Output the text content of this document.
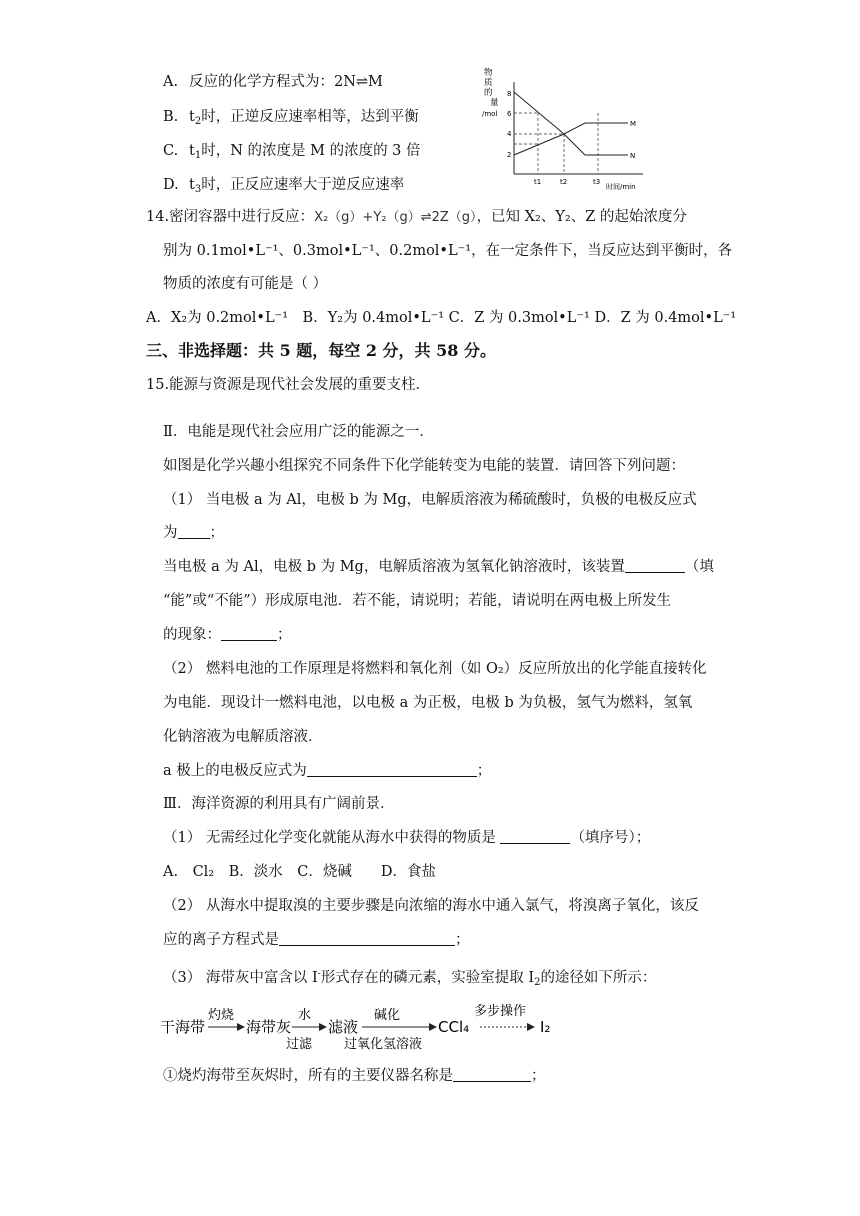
A. 反应的化学方程式为：2N⇌M
B. $t_2$时，正逆反应速率相等，达到平衡
C. $t_1$时，N 的浓度是 M 的浓度的 3 倍
D. $t_3$时，正反应速率大于逆反应速率
物
质
的
量
/mol
8
6
4
2
M
N
t1	t2	t3
时间/min
14.密闭容器中进行反应：X₂（g）+Y₂（g）⇌2Z（g），已知 X₂、Y₂、Z 的起始浓度分
别为 0.1mol•L⁻¹、0.3mol•L⁻¹、0.2mol•L⁻¹，在一定条件下，当反应达到平衡时，各
物质的浓度有可能是（ ）
A．X₂为 0.2mol•L⁻¹　B．Y₂为 0.4mol•L⁻¹ C．Z 为 0.3mol•L⁻¹ D．Z 为 0.4mol•L⁻¹
三、非选择题：共 5 题，每空 2 分，共 58 分。
15.能源与资源是现代社会发展的重要支柱．
Ⅱ．电能是现代社会应用广泛的能源之一．
如图是化学兴趣小组探究不同条件下化学能转变为电能的装置．请回答下列问题：
（1） 当电极 a 为 Al，电极 b 为 Mg，电解质溶液为稀硫酸时，负极的电极反应式
为 ；
当电极 a 为 Al，电极 b 为 Mg，电解质溶液为氢氧化钠溶液时，该装置	（填
“能”或“不能”）形成原电池．若不能，请说明；若能，请说明在两电极上所发生
的现象：	；
（2） 燃料电池的工作原理是将燃料和氧化剂（如 O₂）反应所放出的化学能直接转化
为电能．现设计一燃料电池，以电极 a 为正极，电极 b 为负极，氢气为燃料，氢氧
化钠溶液为电解质溶液．
a 极上的电极反应式为	；
Ⅲ．海洋资源的利用具有广阔前景．
（1） 无需经过化学变化就能从海水中获得的物质是	（填序号）；
A.　Cl₂　B．淡水　C．烧碱　　D．食盐
（2） 从海水中提取溴的主要步骤是向浓缩的海水中通入氯气，将溴离子氧化，该反
应的离子方程式是	；
（3） 海带灰中富含以 I-形式存在的磷元素，实验室提取 $I_2$的途径如下所示：
干海带
灼烧
海带灰
水
过滤
滤液
碱化
过氧化氢溶液
CCl₄
多步操作
I₂
①烧灼海带至灰烬时，所有的主要仪器名称是	；
